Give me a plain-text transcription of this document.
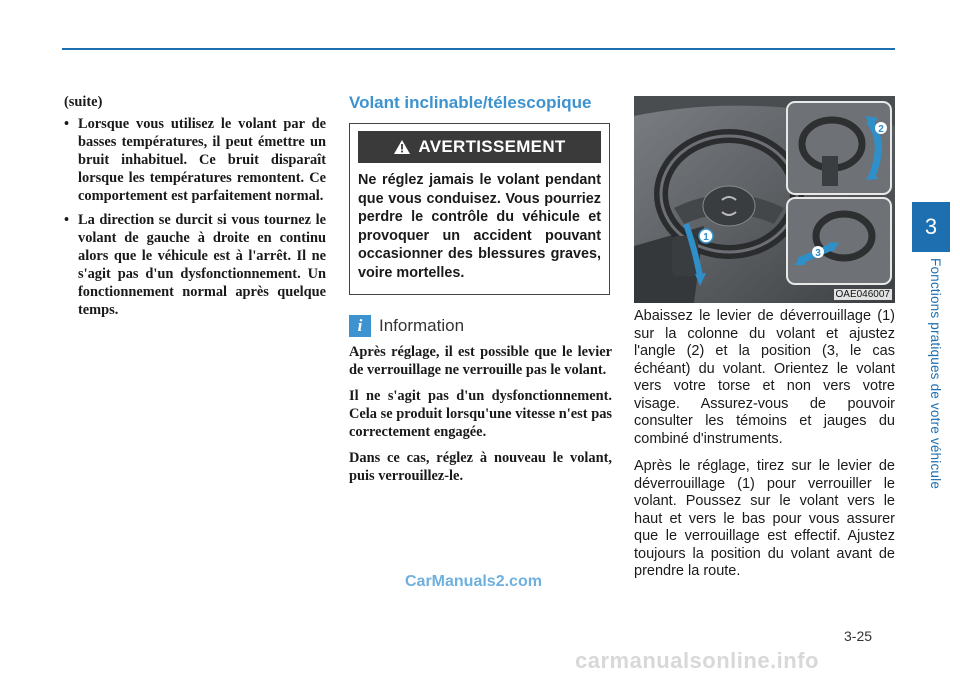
(suite)

• Lorsque vous utilisez le volant par de basses températures, il peut émettre un bruit inhabituel. Ce bruit disparaît lorsque les températures remontent. Ce comportement est parfaitement normal.

• La direction se durcit si vous tournez le volant de gauche à droite en continu alors que le véhicule est à l'arrêt. Il ne s'agit pas d'un dysfonctionnement. Un fonctionnement normal après quelque temps.

Volant inclinable/télescopique
AVERTISSEMENT
Ne réglez jamais le volant pendant que vous conduisez. Vous pourriez perdre le contrôle du véhicule et provoquer un accident pouvant occasionner des blessures graves, voire mortelles.
i Information

Après réglage, il est possible que le levier de verrouillage ne verrouille pas le volant.

Il ne s'agit pas d'un dysfonctionnement. Cela se produit lorsqu'une vitesse n'est pas correctement engagée.

Dans ce cas, réglez à nouveau le volant, puis verrouillez-le.

1
2
3
OAE046007

Abaissez le levier de déverrouillage (1) sur la colonne du volant et ajustez l'angle (2) et la position (3, le cas échéant) du volant. Orientez le volant vers votre torse et non vers votre visage. Assurez-vous de pouvoir consulter les témoins et jauges du combiné d'instruments.

Après le réglage, tirez sur le levier de déverrouillage (1) pour verrouiller le volant. Poussez sur le volant vers le haut et vers le bas pour vous assurer que le verrouillage est effectif. Ajustez toujours la position du volant avant de prendre la route.

3
Fonctions pratiques de votre véhicule
3-25
CarManuals2.com
carmanualsonline.info
